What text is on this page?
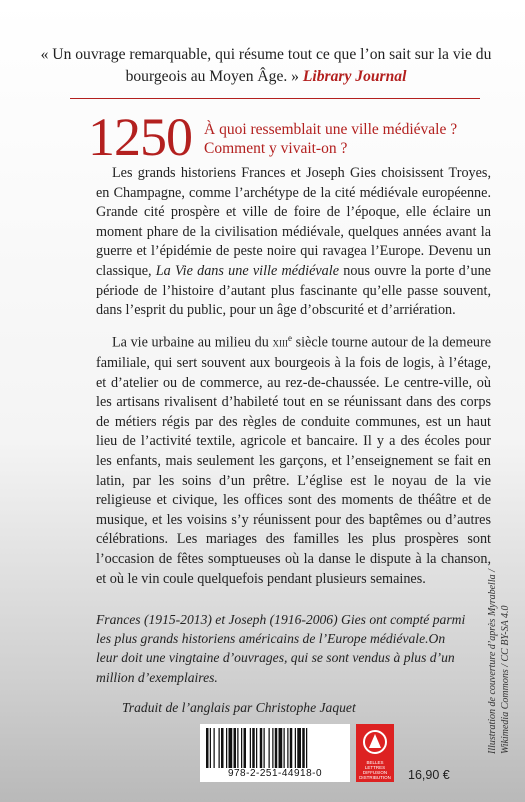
« Un ouvrage remarquable, qui résume tout ce que l’on sait sur la vie du bourgeois au Moyen Âge. » Library Journal
1250 À quoi ressemblait une ville médiévale ?
Comment y vivait-on ?

Les grands historiens Frances et Joseph Gies choisissent Troyes, en Champagne, comme l’archétype de la cité médiévale européenne. Grande cité prospère et ville de foire de l’époque, elle éclaire un moment phare de la civilisation médiévale, quelques années avant la guerre et l’épidémie de peste noire qui ravagea l’Europe. Devenu un classique, La Vie dans une ville médiévale nous ouvre la porte d’une période de l’histoire d’autant plus fascinante qu’elle passe souvent, dans l’esprit du public, pour un âge d’obscurité et d’arriération.

La vie urbaine au milieu du XIIIe siècle tourne autour de la demeure familiale, qui sert souvent aux bourgeois à la fois de logis, à l’étage, et d’atelier ou de commerce, au rez-de-chaussée. Le centre-ville, où les artisans rivalisent d’habileté tout en se réunissant dans des corps de métiers régis par des règles de conduite communes, est un haut lieu de l’activité textile, agricole et bancaire. Il y a des écoles pour les enfants, mais seulement les garçons, et l’enseignement se fait en latin, par les soins d’un prêtre. L’église est le noyau de la vie religieuse et civique, les offices sont des moments de théâtre et de musique, et les voisins s’y réunissent pour des baptêmes ou d’autres célébrations. Les mariages des familles les plus prospères sont l’occasion de fêtes somptueuses où la danse le dispute à la chanson, et où le vin coule quelquefois pendant plusieurs semaines.

Frances (1915-2013) et Joseph (1916-2006) Gies ont compté parmi les plus grands historiens américains de l’Europe médiévale.On leur doit une vingtaine d’ouvrages, qui se sont vendus à plus d’un million d’exemplaires.
Traduit de l’anglais par Christophe Jaquet	Illustration de couverture d’après Myrabella / Wikimedia Commons / CC BY-SA 4.0
978-2-251-44918-0
BELLES LETTRES DIFFUSION DISTRIBUTION 16,90 €
